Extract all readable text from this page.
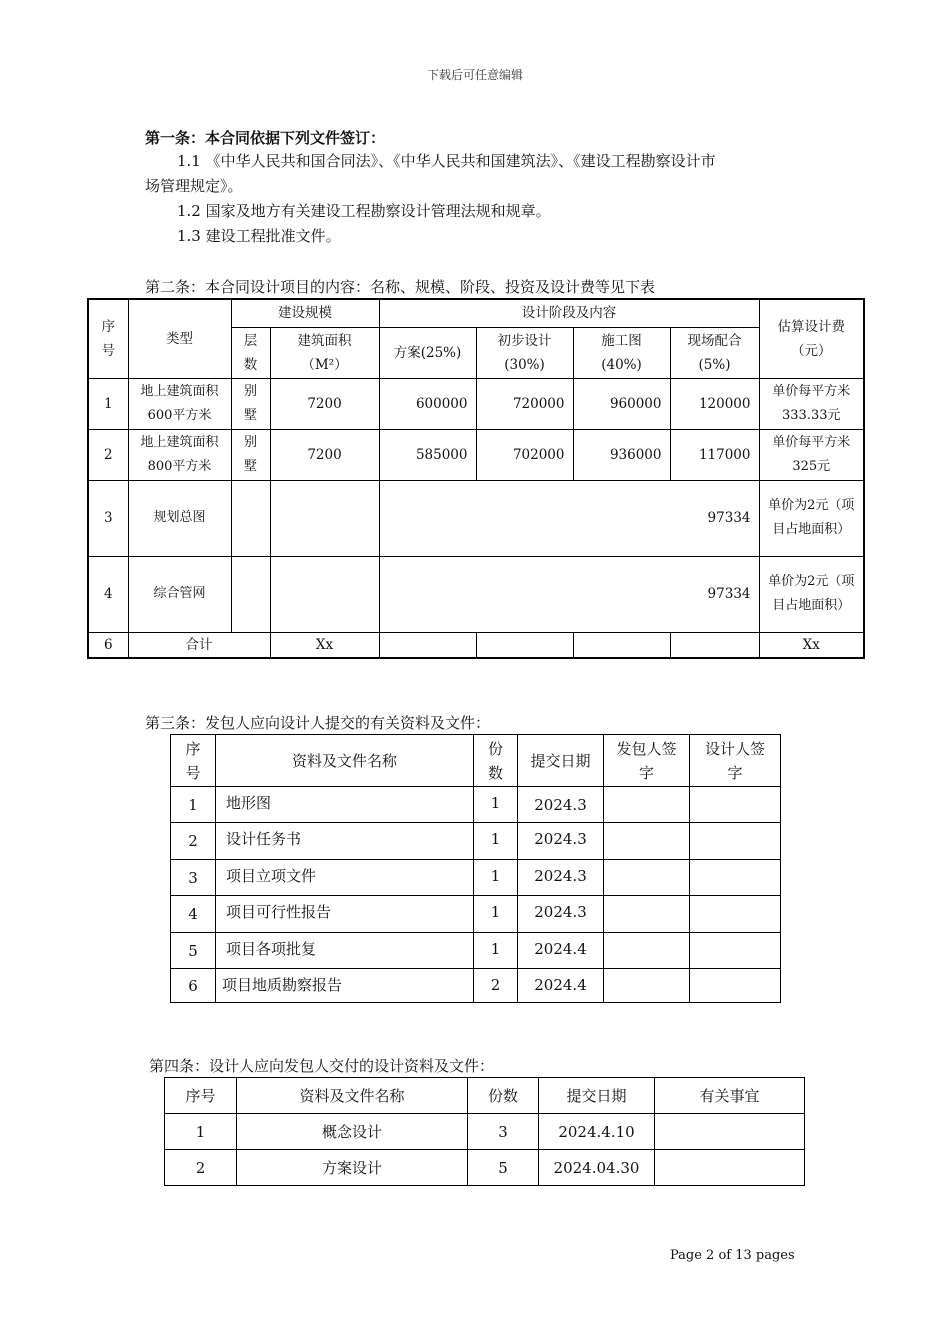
下载后可任意编辑
第一条：本合同依据下列文件签订：
1.1 《中华人民共和国合同法》、《中华人民共和国建筑法》、《建设工程勘察设计市
场管理规定》。
1.2 国家及地方有关建设工程勘察设计管理法规和规章。
1.3 建设工程批准文件。
第二条：本合同设计项目的内容：名称、规模、阶段、投资及设计费等见下表
序号	类型	建设规模		设计阶段及内容				估算设计费（元）
		层数	建筑面积（M²）	方案(25%)	初步设计(30%)	施工图(40%)	现场配合(5%)	
1	地上建筑面积600平方米	别墅	7200	600000	720000	960000	120000	单价每平方米333.33元
2	地上建筑面积800平方米	别墅	7200	585000	702000	936000	117000	单价每平方米325元
3	规划总图			97334				单价为2元（项目占地面积）
4	综合管网			97334				单价为2元（项目占地面积）
6	合计		Xx					Xx
第三条：发包人应向设计人提交的有关资料及文件：
序号	资料及文件名称	份数	提交日期	发包人签字	设计人签字
1	地形图	1	2024.3		
2	设计任务书	1	2024.3		
3	项目立项文件	1	2024.3		
4	项目可行性报告	1	2024.3		
5	项目各项批复	1	2024.4		
6	项目地质勘察报告	2	2024.4		
第四条：设计人应向发包人交付的设计资料及文件：
序号	资料及文件名称	份数	提交日期	有关事宜
1	概念设计	3	2024.4.10	
2	方案设计	5	2024.04.30	
Page 2 of 13 pages
